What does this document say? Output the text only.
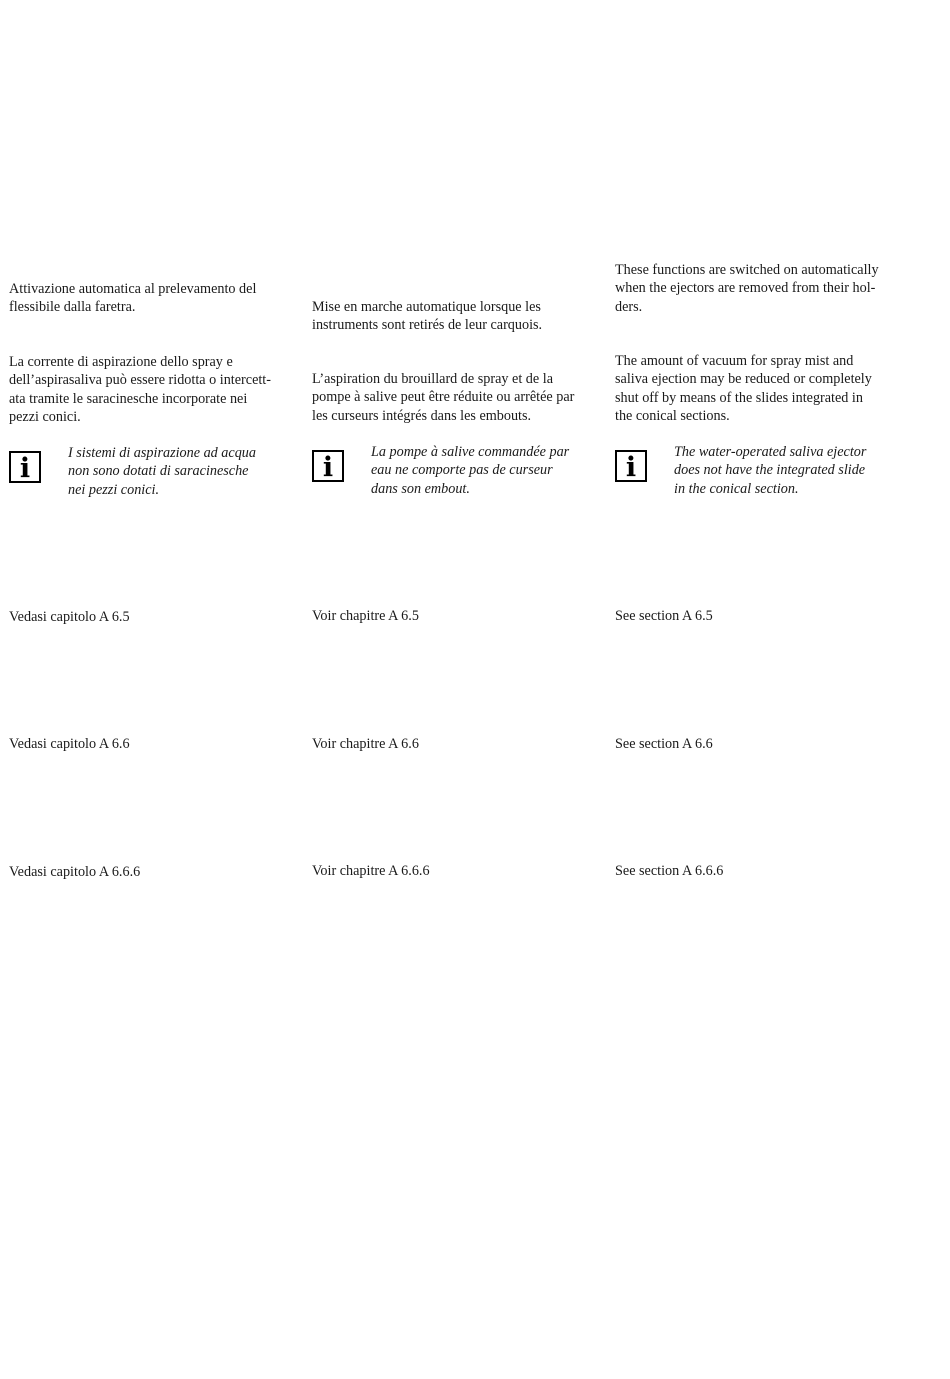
Attivazione automatica al prelevamento del
flessibile dalla faretra.

La corrente di aspirazione dello spray e
dell’aspirasaliva può essere ridotta o intercett-
ata tramite le saracinesche incorporate nei
pezzi conici.

i	I sistemi di aspirazione ad acqua
non sono dotati di saracinesche
nei pezzi conici.

Vedasi capitolo A 6.5

Vedasi capitolo A 6.6

Vedasi capitolo A 6.6.6

Mise en marche automatique lorsque les
instruments sont retirés de leur carquois.

L’aspiration du brouillard de spray et de la
pompe à salive peut être réduite ou arrêtée par
les curseurs intégrés dans les embouts.

i	La pompe à salive commandée par
eau ne comporte pas de curseur
dans son embout.

Voir chapitre A 6.5

Voir chapitre A 6.6

Voir chapitre A 6.6.6

These functions are switched on automatically
when the ejectors are removed from their hol-
ders.

The amount of vacuum for spray mist and
saliva ejection may be reduced or completely
shut off by means of the slides integrated in
the conical sections.

i	The water-operated saliva ejector
does not have the integrated slide
in the conical section.

See section A 6.5

See section A 6.6

See section A 6.6.6
